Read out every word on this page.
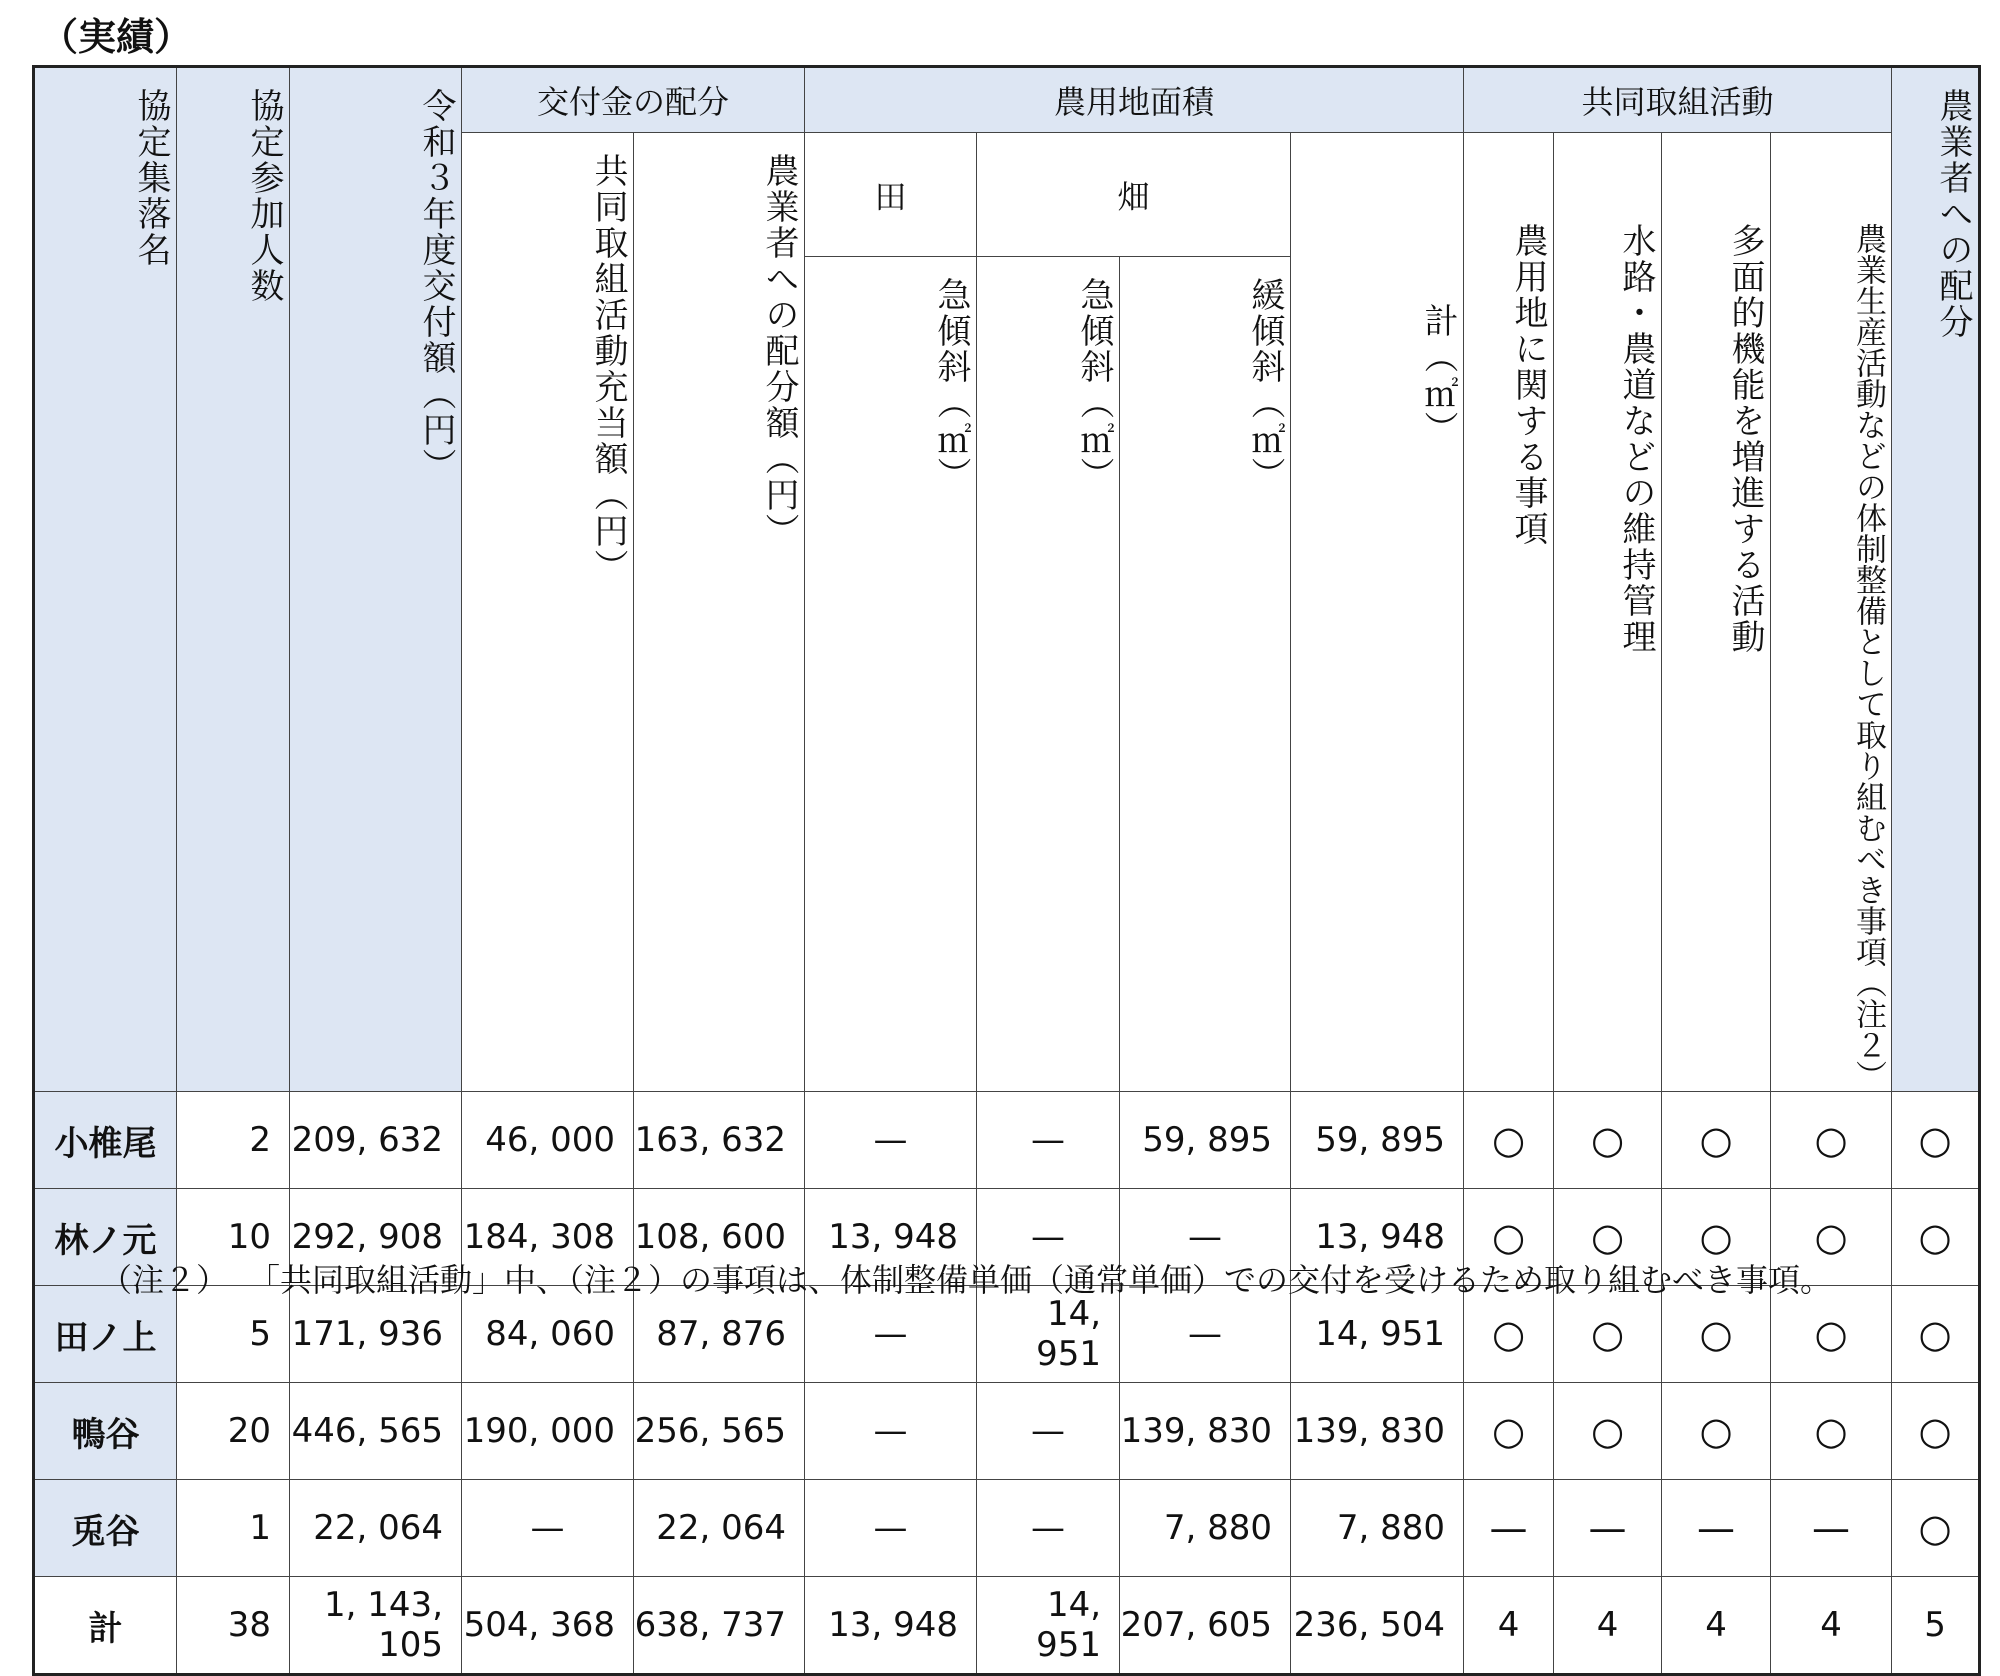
（実績）
協定集落名	協定参加人数	令和３年度交付額（円）	交付金の配分		農用地面積				共同取組活動				農業者への配分
			共同取組活動充当額（円）	農業者への配分額（円）	田	畑		計（㎡）	農用地に関する事項	水路・農道などの維持管理	多面的機能を増進する活動	農業生産活動などの体制整備として取り組むべき事項（注２）	
					急傾斜（㎡）	急傾斜（㎡）	緩傾斜（㎡）						
小椎尾	2	209, 632	46, 000	163, 632	—	—	59, 895	59, 895	○	○	○	○	○
林ノ元	10	292, 908	184, 308	108, 600	13, 948	—	—	13, 948	○	○	○	○	○
田ノ上	5	171, 936	84, 060	87, 876	—	14, 951	—	14, 951	○	○	○	○	○
鴨谷	20	446, 565	190, 000	256, 565	—	—	139, 830	139, 830	○	○	○	○	○
兎谷	1	22, 064	—	22, 064	—	—	7, 880	7, 880	—	—	—	—	○
計	38	1, 143, 105	504, 368	638, 737	13, 948	14, 951	207, 605	236, 504	4	4	4	4	5
（注２） 「共同取組活動」中、（注２）の事項は、体制整備単価（通常単価）での交付を受けるため取り組むべき事項。
